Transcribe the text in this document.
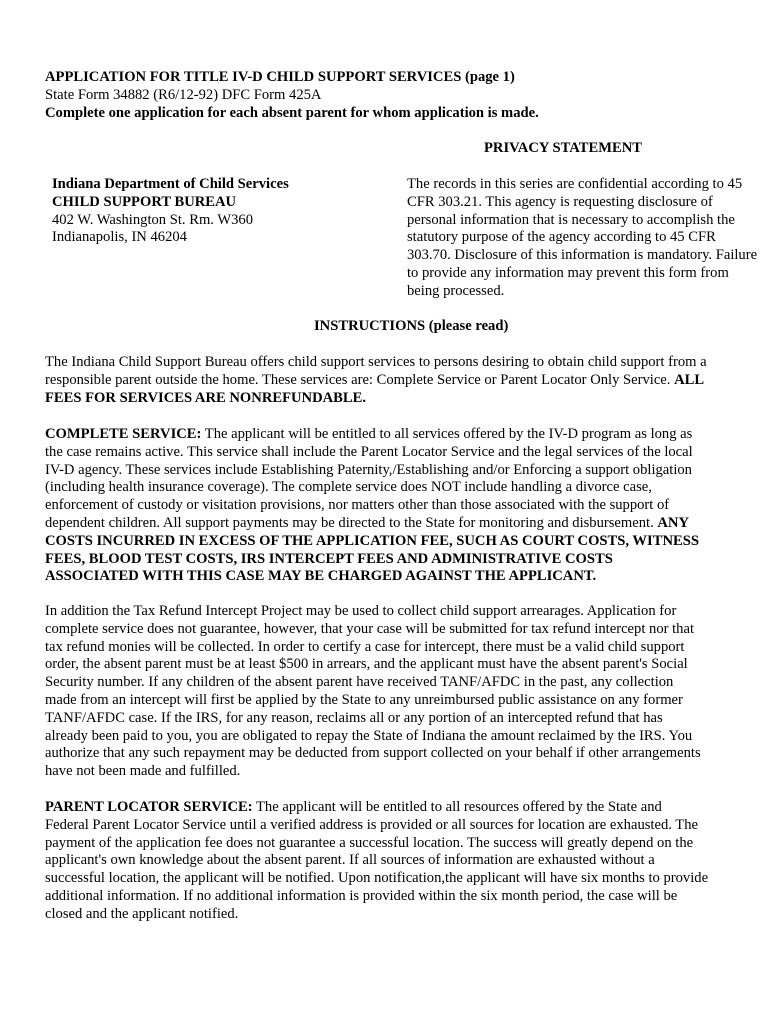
APPLICATION FOR TITLE IV-D CHILD SUPPORT SERVICES (page 1)
State Form 34882 (R6/12-92) DFC Form 425A
Complete one application for each absent parent for whom application is made.
PRIVACY STATEMENT
Indiana Department of Child Services
CHILD SUPPORT BUREAU
402 W. Washington St. Rm. W360
Indianapolis, IN 46204
The records in this series are confidential according to 45
CFR 303.21. This agency is requesting disclosure of
personal information that is necessary to accomplish the
statutory purpose of the agency according to 45 CFR
303.70. Disclosure of this information is mandatory. Failure
to provide any information may prevent this form from
being processed.
INSTRUCTIONS (please read)
The Indiana Child Support Bureau offers child support services to persons desiring to obtain child support from a
responsible parent outside the home. These services are: Complete Service or Parent Locator Only Service. ALL
FEES FOR SERVICES ARE NONREFUNDABLE.
COMPLETE SERVICE: The applicant will be entitled to all services offered by the IV-D program as long as
the case remains active. This service shall include the Parent Locator Service and the legal services of the local
IV-D agency. These services include Establishing Paternity,/Establishing and/or Enforcing a support obligation
(including health insurance coverage). The complete service does NOT include handling a divorce case,
enforcement of custody or visitation provisions, nor matters other than those associated with the support of
dependent children. All support payments may be directed to the State for monitoring and disbursement. ANY
COSTS INCURRED IN EXCESS OF THE APPLICATION FEE, SUCH AS COURT COSTS, WITNESS
FEES, BLOOD TEST COSTS, IRS INTERCEPT FEES AND ADMINISTRATIVE COSTS
ASSOCIATED WITH THIS CASE MAY BE CHARGED AGAINST THE APPLICANT.
In addition the Tax Refund Intercept Project may be used to collect child support arrearages. Application for
complete service does not guarantee, however, that your case will be submitted for tax refund intercept nor that
tax refund monies will be collected. In order to certify a case for intercept, there must be a valid child support
order, the absent parent must be at least $500 in arrears, and the applicant must have the absent parent's Social
Security number. If any children of the absent parent have received TANF/AFDC in the past, any collection
made from an intercept will first be applied by the State to any unreimbursed public assistance on any former
TANF/AFDC case. If the IRS, for any reason, reclaims all or any portion of an intercepted refund that has
already been paid to you, you are obligated to repay the State of Indiana the amount reclaimed by the IRS. You
authorize that any such repayment may be deducted from support collected on your behalf if other arrangements
have not been made and fulfilled.
PARENT LOCATOR SERVICE: The applicant will be entitled to all resources offered by the State and
Federal Parent Locator Service until a verified address is provided or all sources for location are exhausted. The
payment of the application fee does not guarantee a successful location. The success will greatly depend on the
applicant's own knowledge about the absent parent. If all sources of information are exhausted without a
successful location, the applicant will be notified. Upon notification,the applicant will have six months to provide
additional information. If no additional information is provided within the six month period, the case will be
closed and the applicant notified.
